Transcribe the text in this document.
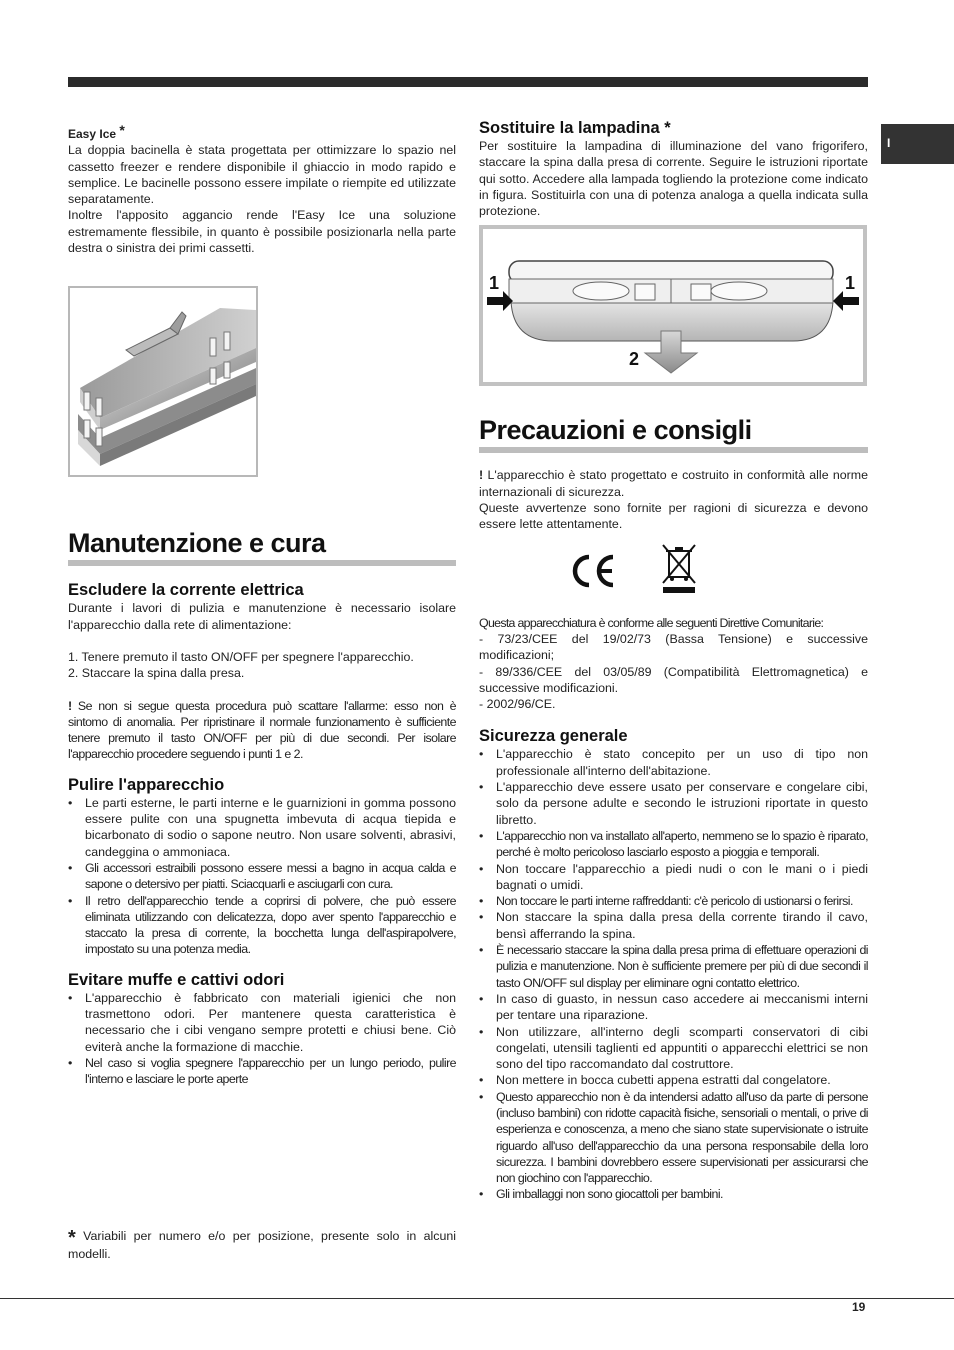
I
Easy Ice *

La doppia bacinella è stata progettata per ottimizzare lo spazio nel cassetto freezer e rendere disponibile il ghiaccio in modo rapido e semplice. Le bacinelle possono essere impilate o riempite ed utilizzate separatamente.

Inoltre l'apposito aggancio rende l'Easy Ice una soluzione estremamente flessibile, in quanto è possibile posizionarla nella parte destra o sinistra dei primi cassetti.

Manutenzione e cura
Escludere la corrente elettrica

Durante i lavori di pulizia e manutenzione è necessario isolare l'apparecchio dalla rete di alimentazione:

1. Tenere premuto il tasto ON/OFF per spegnere l'apparecchio.
2. Staccare la spina dalla presa.

! Se non si segue questa procedura può scattare l'allarme: esso non è sintomo di anomalia. Per ripristinare il normale funzionamento è sufficiente tenere premuto il tasto ON/OFF per più di due secondi. Per isolare l'apparecchio procedere seguendo i punti 1 e 2.

Pulire l'apparecchio
• Le parti esterne, le parti interne e le guarnizioni in gomma possono essere pulite con una spugnetta imbevuta di acqua tiepida e bicarbonato di sodio o sapone neutro. Non usare solventi, abrasivi, candeggina o ammoniaca.
• Gli accessori estraibili possono essere messi a bagno in acqua calda e sapone o detersivo per piatti. Sciacquarli e asciugarli con cura.
• Il retro dell'apparecchio tende a coprirsi di polvere, che può essere eliminata utilizzando con delicatezza, dopo aver spento l'apparecchio e staccato la presa di corrente, la bocchetta lunga dell'aspirapolvere, impostato su una potenza media.
Evitare muffe e cattivi odori
• L'apparecchio è fabbricato con materiali igienici che non trasmettono odori. Per mantenere questa caratteristica è necessario che i cibi vengano sempre protetti e chiusi bene. Ciò eviterà anche la formazione di macchie.
• Nel caso si voglia spegnere l'apparecchio per un lungo periodo, pulire l'interno e lasciare le porte aperte
* Variabili per numero e/o per posizione, presente solo in alcuni modelli.
Sostituire la lampadina *

Per sostituire la lampadina di illuminazione del vano frigorifero, staccare la spina dalla presa di corrente. Seguire le istruzioni riportate qui sotto. Accedere alla lampada togliendo la protezione come indicato in figura. Sostituirla con una di potenza analoga a quella indicata sulla protezione.

1	1
2
Precauzioni e consigli

! L'apparecchio è stato progettato e costruito in conformità alle norme internazionali di sicurezza.

Queste avvertenze sono fornite per ragioni di sicurezza e devono essere lette attentamente.

Questa apparecchiatura è conforme alle seguenti Direttive Comunitarie:

- 73/23/CEE del 19/02/73 (Bassa Tensione) e successive modificazioni;

- 89/336/CEE del 03/05/89 (Compatibilità Elettromagnetica) e successive modificazioni.

- 2002/96/CE.

Sicurezza generale
• L'apparecchio è stato concepito per un uso di tipo non professionale all'interno dell'abitazione.
• L'apparecchio deve essere usato per conservare e congelare cibi, solo da persone adulte e secondo le istruzioni riportate in questo libretto.
• L'apparecchio non va installato all'aperto, nemmeno se lo spazio è riparato, perché è molto pericoloso lasciarlo esposto a pioggia e temporali.
• Non toccare l'apparecchio a piedi nudi o con le mani o i piedi bagnati o umidi.
• Non toccare le parti interne raffreddanti: c'è pericolo di ustionarsi o ferirsi.
• Non staccare la spina dalla presa della corrente tirando il cavo, bensì afferrando la spina.
• È necessario staccare la spina dalla presa prima di effettuare operazioni di pulizia e manutenzione. Non è sufficiente premere per più di due secondi il tasto ON/OFF sul display per eliminare ogni contatto elettrico.
• In caso di guasto, in nessun caso accedere ai meccanismi interni per tentare una riparazione.
• Non utilizzare, all'interno degli scomparti conservatori di cibi congelati, utensili taglienti ed appuntiti o apparecchi elettrici se non sono del tipo raccomandato dal costruttore.
• Non mettere in bocca cubetti appena estratti dal congelatore.
• Questo apparecchio non è da intendersi adatto all'uso da parte di persone (incluso bambini) con ridotte capacità fisiche, sensoriali o mentali, o prive di esperienza e conoscenza, a meno che siano state supervisionate o istruite riguardo all'uso dell'apparecchio da una persona responsabile della loro sicurezza. I bambini dovrebbero essere supervisionati per assicurarsi che non giochino con l'apparecchio.
• Gli imballaggi non sono giocattoli per bambini.
19
